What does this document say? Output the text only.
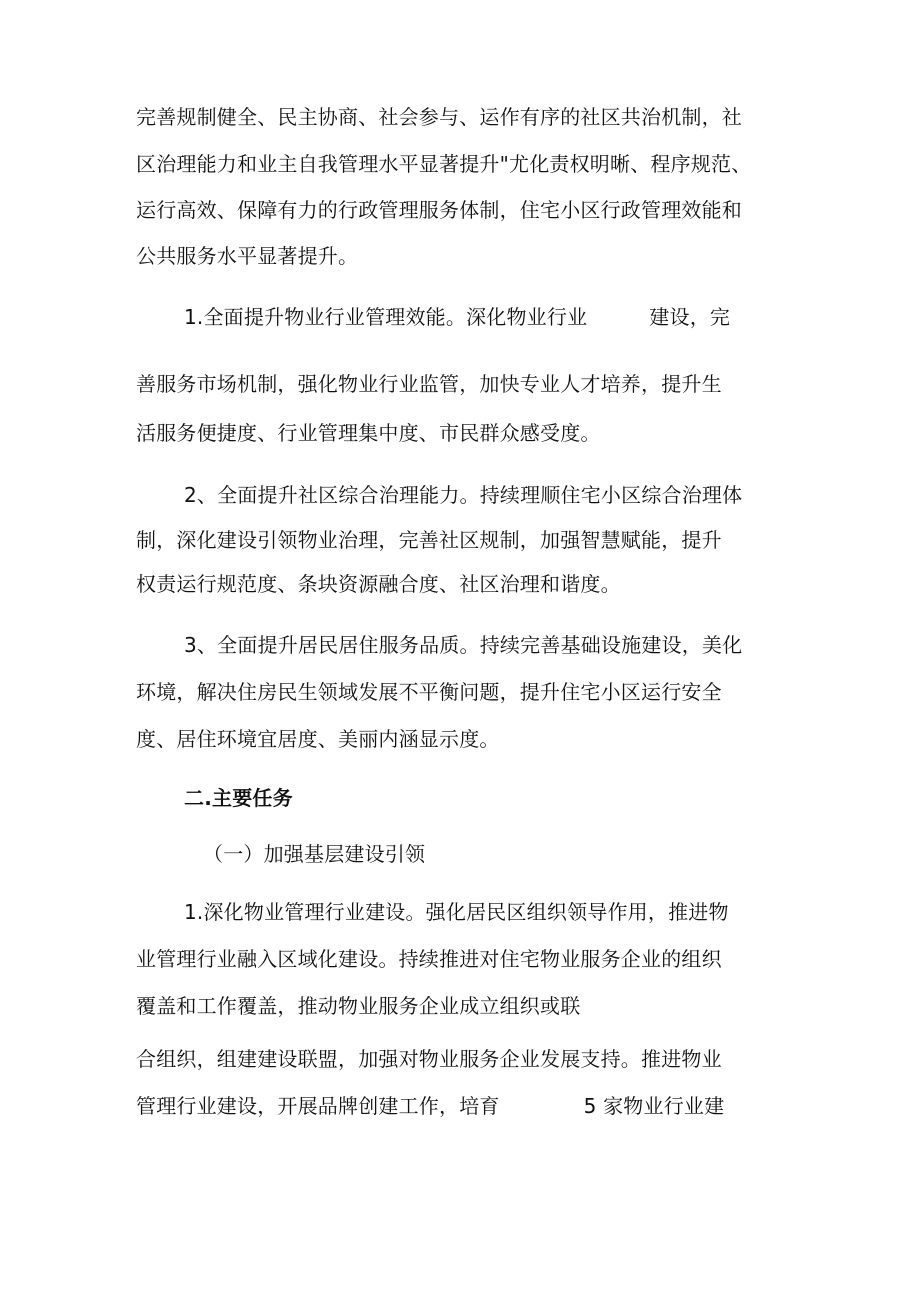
完善规制健全、民主协商、社会参与、运作有序的社区共治机制，社
区治理能力和业主自我管理水平显著提升"尤化责权明晰、程序规范、
运行高效、保障有力的行政管理服务体制，住宅小区行政管理效能和
公共服务水平显著提升。
1.全面提升物业行业管理效能。深化物业行业	建设，完
善服务市场机制，强化物业行业监管，加快专业人才培养，提升生
活服务便捷度、行业管理集中度、市民群众感受度。
2、全面提升社区综合治理能力。持续理顺住宅小区综合治理体
制，深化建设引领物业治理，完善社区规制，加强智慧赋能，提升
权责运行规范度、条块资源融合度、社区治理和谐度。
3、全面提升居民居住服务品质。持续完善基础设施建设，美化
环境，解决住房民生领域发展不平衡问题，提升住宅小区运行安全
度、居住环境宜居度、美丽内涵显示度。
二.主要任务
（一）加强基层建设引领
1.深化物业管理行业建设。强化居民区组织领导作用，推进物
业管理行业融入区域化建设。持续推进对住宅物业服务企业的组织
覆盖和工作覆盖，推动物业服务企业成立组织或联
合组织，组建建设联盟，加强对物业服务企业发展支持。推进物业
管理行业建设，开展品牌创建工作，培育	5 家物业行业建
